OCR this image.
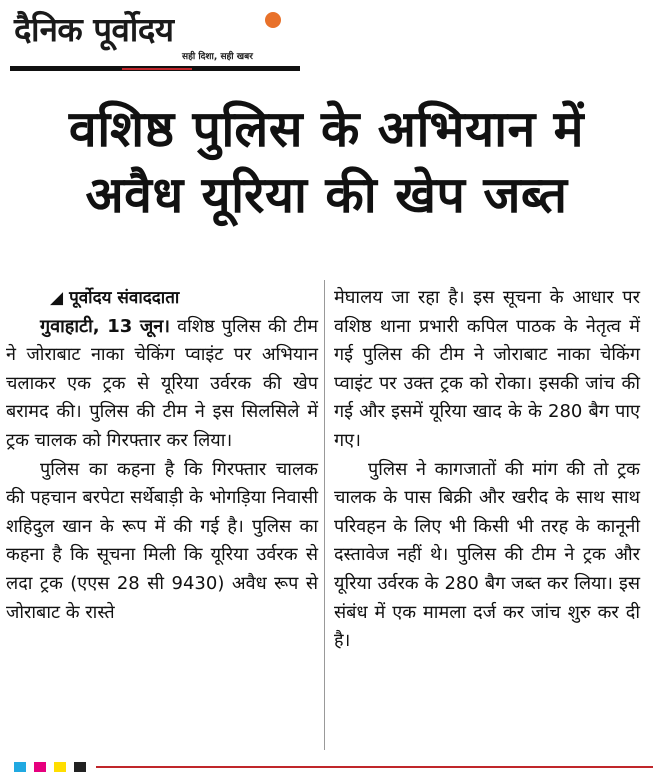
दैनिक पूर्वोदय
सही दिशा, सही खबर
वशिष्ठ पुलिस के अभियान में
अवैध यूरिया की खेप जब्त

◢ पूर्वोदय संवाददाता

गुवाहाटी, 13 जून। वशिष्ठ पुलिस की टीम ने जोराबाट नाका चेकिंग प्वाइंट पर अभियान चलाकर एक ट्रक से यूरिया उर्वरक की खेप बरामद की। पुलिस की टीम ने इस सिलसिले में ट्रक चालक को गिरफ्तार कर लिया।

पुलिस का कहना है कि गिरफ्तार चालक की पहचान बरपेटा सर्थेबाड़ी के भोगड़िया निवासी शहिदुल खान के रूप में की गई है। पुलिस का कहना है कि सूचना मिली कि यूरिया उर्वरक से लदा ट्रक (एएस 28 सी 9430) अवैध रूप से जोराबाट के रास्ते

मेघालय जा रहा है। इस सूचना के आधार पर वशिष्ठ थाना प्रभारी कपिल पाठक के नेतृत्व में गई पुलिस की टीम ने जोराबाट नाका चेकिंग प्वाइंट पर उक्त ट्रक को रोका। इसकी जांच की गई और इसमें यूरिया खाद के के 280 बैग पाए गए।

पुलिस ने कागजातों की मांग की तो ट्रक चालक के पास बिक्री और खरीद के साथ साथ परिवहन के लिए भी किसी भी तरह के कानूनी दस्तावेज नहीं थे। पुलिस की टीम ने ट्रक और यूरिया उर्वरक के 280 बैग जब्त कर लिया। इस संबंध में एक मामला दर्ज कर जांच शुरु कर दी है।
